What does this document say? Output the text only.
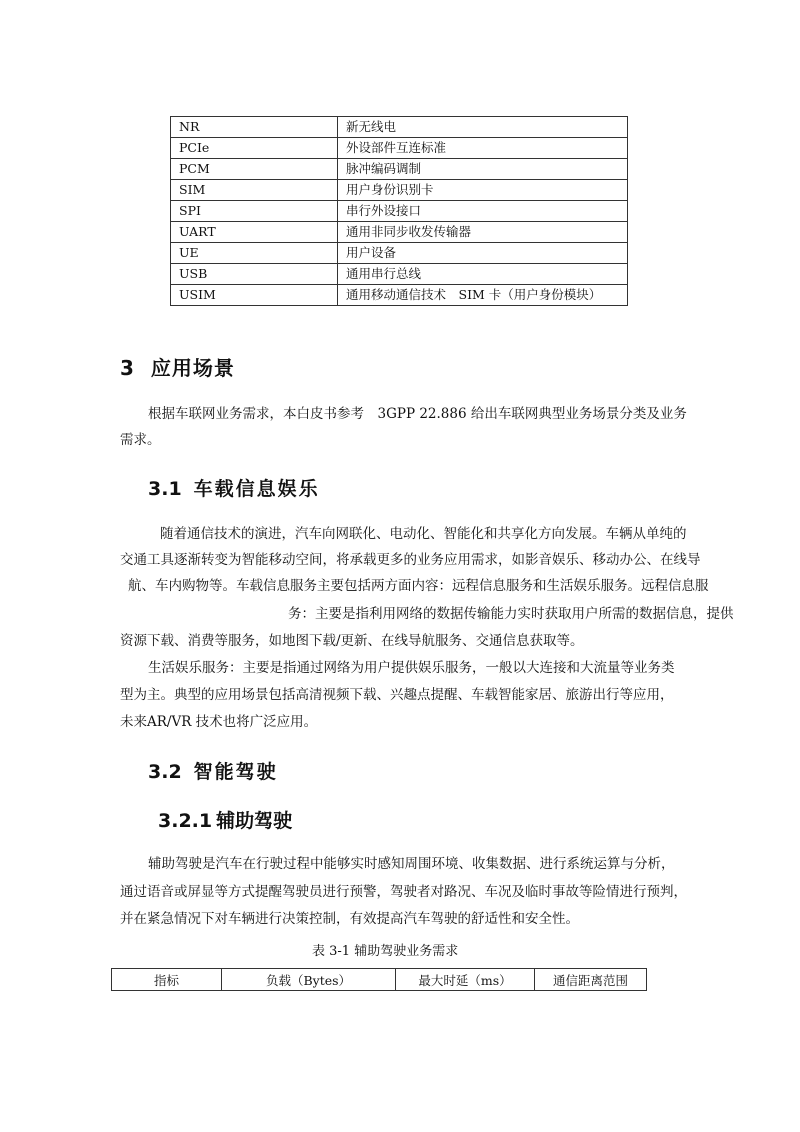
NR	新无线电
PCIe	外设部件互连标准
PCM	脉冲编码调制
SIM	用户身份识别卡
SPI	串行外设接口
UART	通用非同步收发传输器
UE	用户设备
USB	通用串行总线
USIM	通用移动通信技术　SIM 卡（用户身份模块）
3 应用场景

根据车联网业务需求，本白皮书参考　3GPP 22.886 给出车联网典型业务场景分类及业务

需求。

3.1 车载信息娱乐

随着通信技术的演进，汽车向网联化、电动化、智能化和共享化方向发展。车辆从单纯的

交通工具逐渐转变为智能移动空间，将承载更多的业务应用需求，如影音娱乐、移动办公、在线导

航、车内购物等。车载信息服务主要包括两方面内容：远程信息服务和生活娱乐服务。远程信息服

务：主要是指利用网络的数据传输能力实时获取用户所需的数据信息，提供

资源下载、消费等服务，如地图下载/更新、在线导航服务、交通信息获取等。

生活娱乐服务：主要是指通过网络为用户提供娱乐服务，一般以大连接和大流量等业务类

型为主。典型的应用场景包括高清视频下载、兴趣点提醒、车载智能家居、旅游出行等应用，

未来AR/VR 技术也将广泛应用。

3.2 智能驾驶
3.2.1 辅助驾驶

辅助驾驶是汽车在行驶过程中能够实时感知周围环境、收集数据、进行系统运算与分析，

通过语音或屏显等方式提醒驾驶员进行预警，驾驶者对路况、车况及临时事故等险情进行预判，

并在紧急情况下对车辆进行决策控制，有效提高汽车驾驶的舒适性和安全性。

表 3-1 辅助驾驶业务需求

指标	负载（Bytes）	最大时延（ms）	通信距离范围
